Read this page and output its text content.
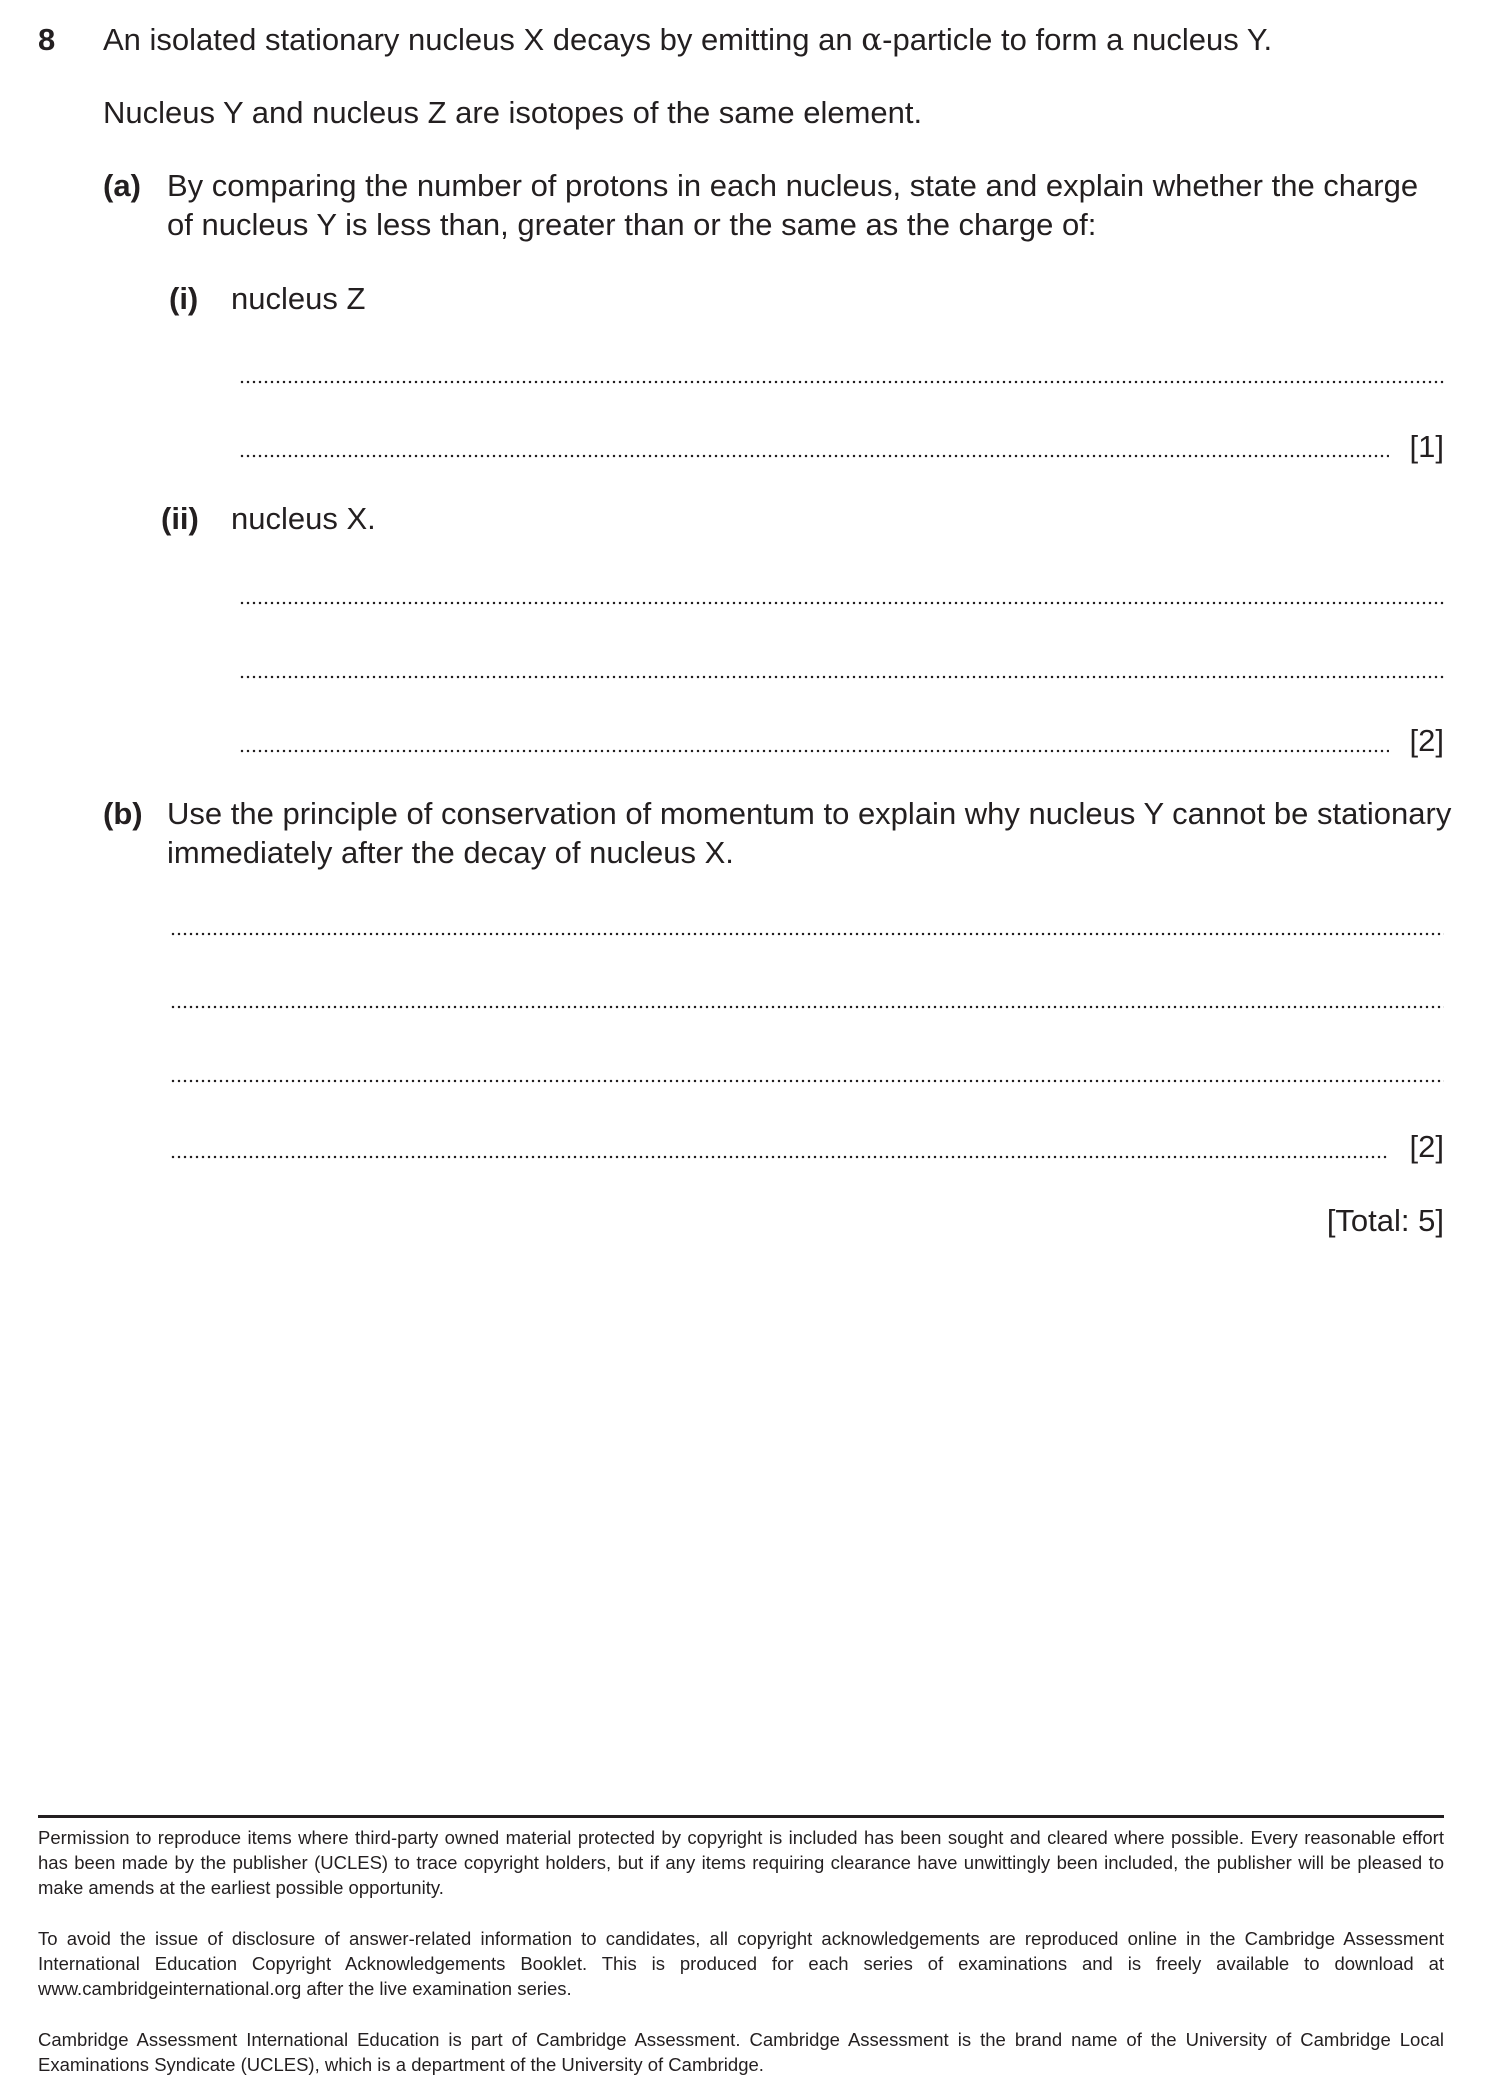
8 An isolated stationary nucleus X decays by emitting an α-particle to form a nucleus Y.
Nucleus Y and nucleus Z are isotopes of the same element.
(a) By comparing the number of protons in each nucleus, state and explain whether the charge
of nucleus Y is less than, greater than or the same as the charge of:
(i) nucleus Z
[1]
(ii) nucleus X.
[2]
(b) Use the principle of conservation of momentum to explain why nucleus Y cannot be stationary
immediately after the decay of nucleus X.
[2]
[Total: 5]
Permission to reproduce items where third-party owned material protected by copyright is included has been sought and cleared where possible. Every reasonable effort has been made by the publisher (UCLES) to trace copyright holders, but if any items requiring clearance have unwittingly been included, the publisher will be pleased to make amends at the earliest possible opportunity.
To avoid the issue of disclosure of answer-related information to candidates, all copyright acknowledgements are reproduced online in the Cambridge Assessment International Education Copyright Acknowledgements Booklet. This is produced for each series of examinations and is freely available to download at www.cambridgeinternational.org after the live examination series.
Cambridge Assessment International Education is part of Cambridge Assessment. Cambridge Assessment is the brand name of the University of Cambridge Local Examinations Syndicate (UCLES), which is a department of the University of Cambridge.
